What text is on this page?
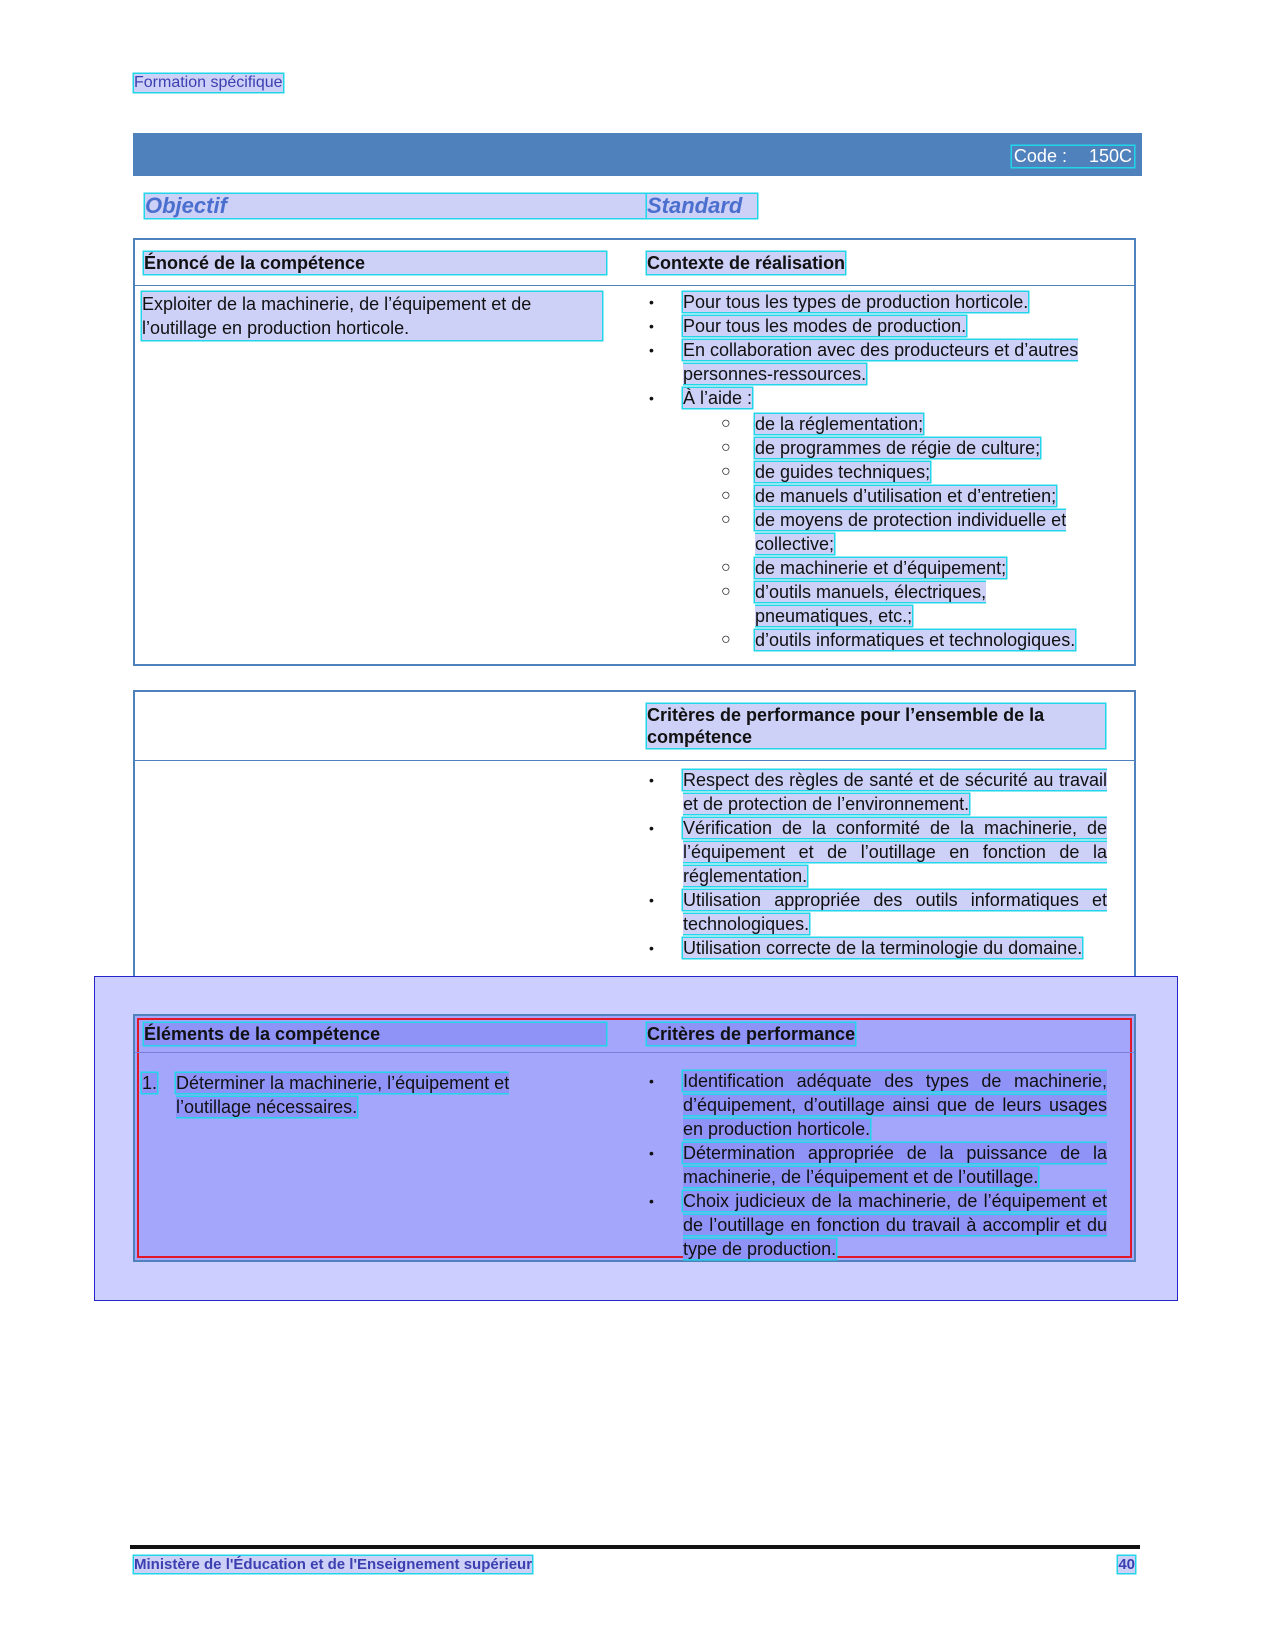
Formation spécifique
Code : 150C
Objectif	Standard
Énoncé de la compétence	Contexte de réalisation
Exploiter de la machinerie, de l’équipement et de l’outillage en production horticole.
• Pour tous les types de production horticole.
• Pour tous les modes de production.
• En collaboration avec des producteurs et d’autres personnes-ressources.
• À l’aide :
○ de la réglementation;
○ de programmes de régie de culture;
○ de guides techniques;
○ de manuels d’utilisation et d’entretien;
○ de moyens de protection individuelle et collective;
○ de machinerie et d’équipement;
○ d’outils manuels, électriques, pneumatiques, etc.;
○ d’outils informatiques et technologiques.
Critères de performance pour l’ensemble de la compétence
• Respect des règles de santé et de sécurité au travail et de protection de l’environnement.
• Vérification de la conformité de la machinerie, de l’équipement et de l’outillage en fonction de la réglementation.
• Utilisation appropriée des outils informatiques et technologiques.
• Utilisation correcte de la terminologie du domaine.
Éléments de la compétence	Critères de performance
1. Déterminer la machinerie, l’équipement et l’outillage nécessaires.
• Identification adéquate des types de machinerie, d’équipement, d’outillage ainsi que de leurs usages en production horticole.
• Détermination appropriée de la puissance de la machinerie, de l’équipement et de l’outillage.
• Choix judicieux de la machinerie, de l’équipement et de l’outillage en fonction du travail à accomplir et du type de production.
Ministère de l'Éducation et de l'Enseignement supérieur	40
